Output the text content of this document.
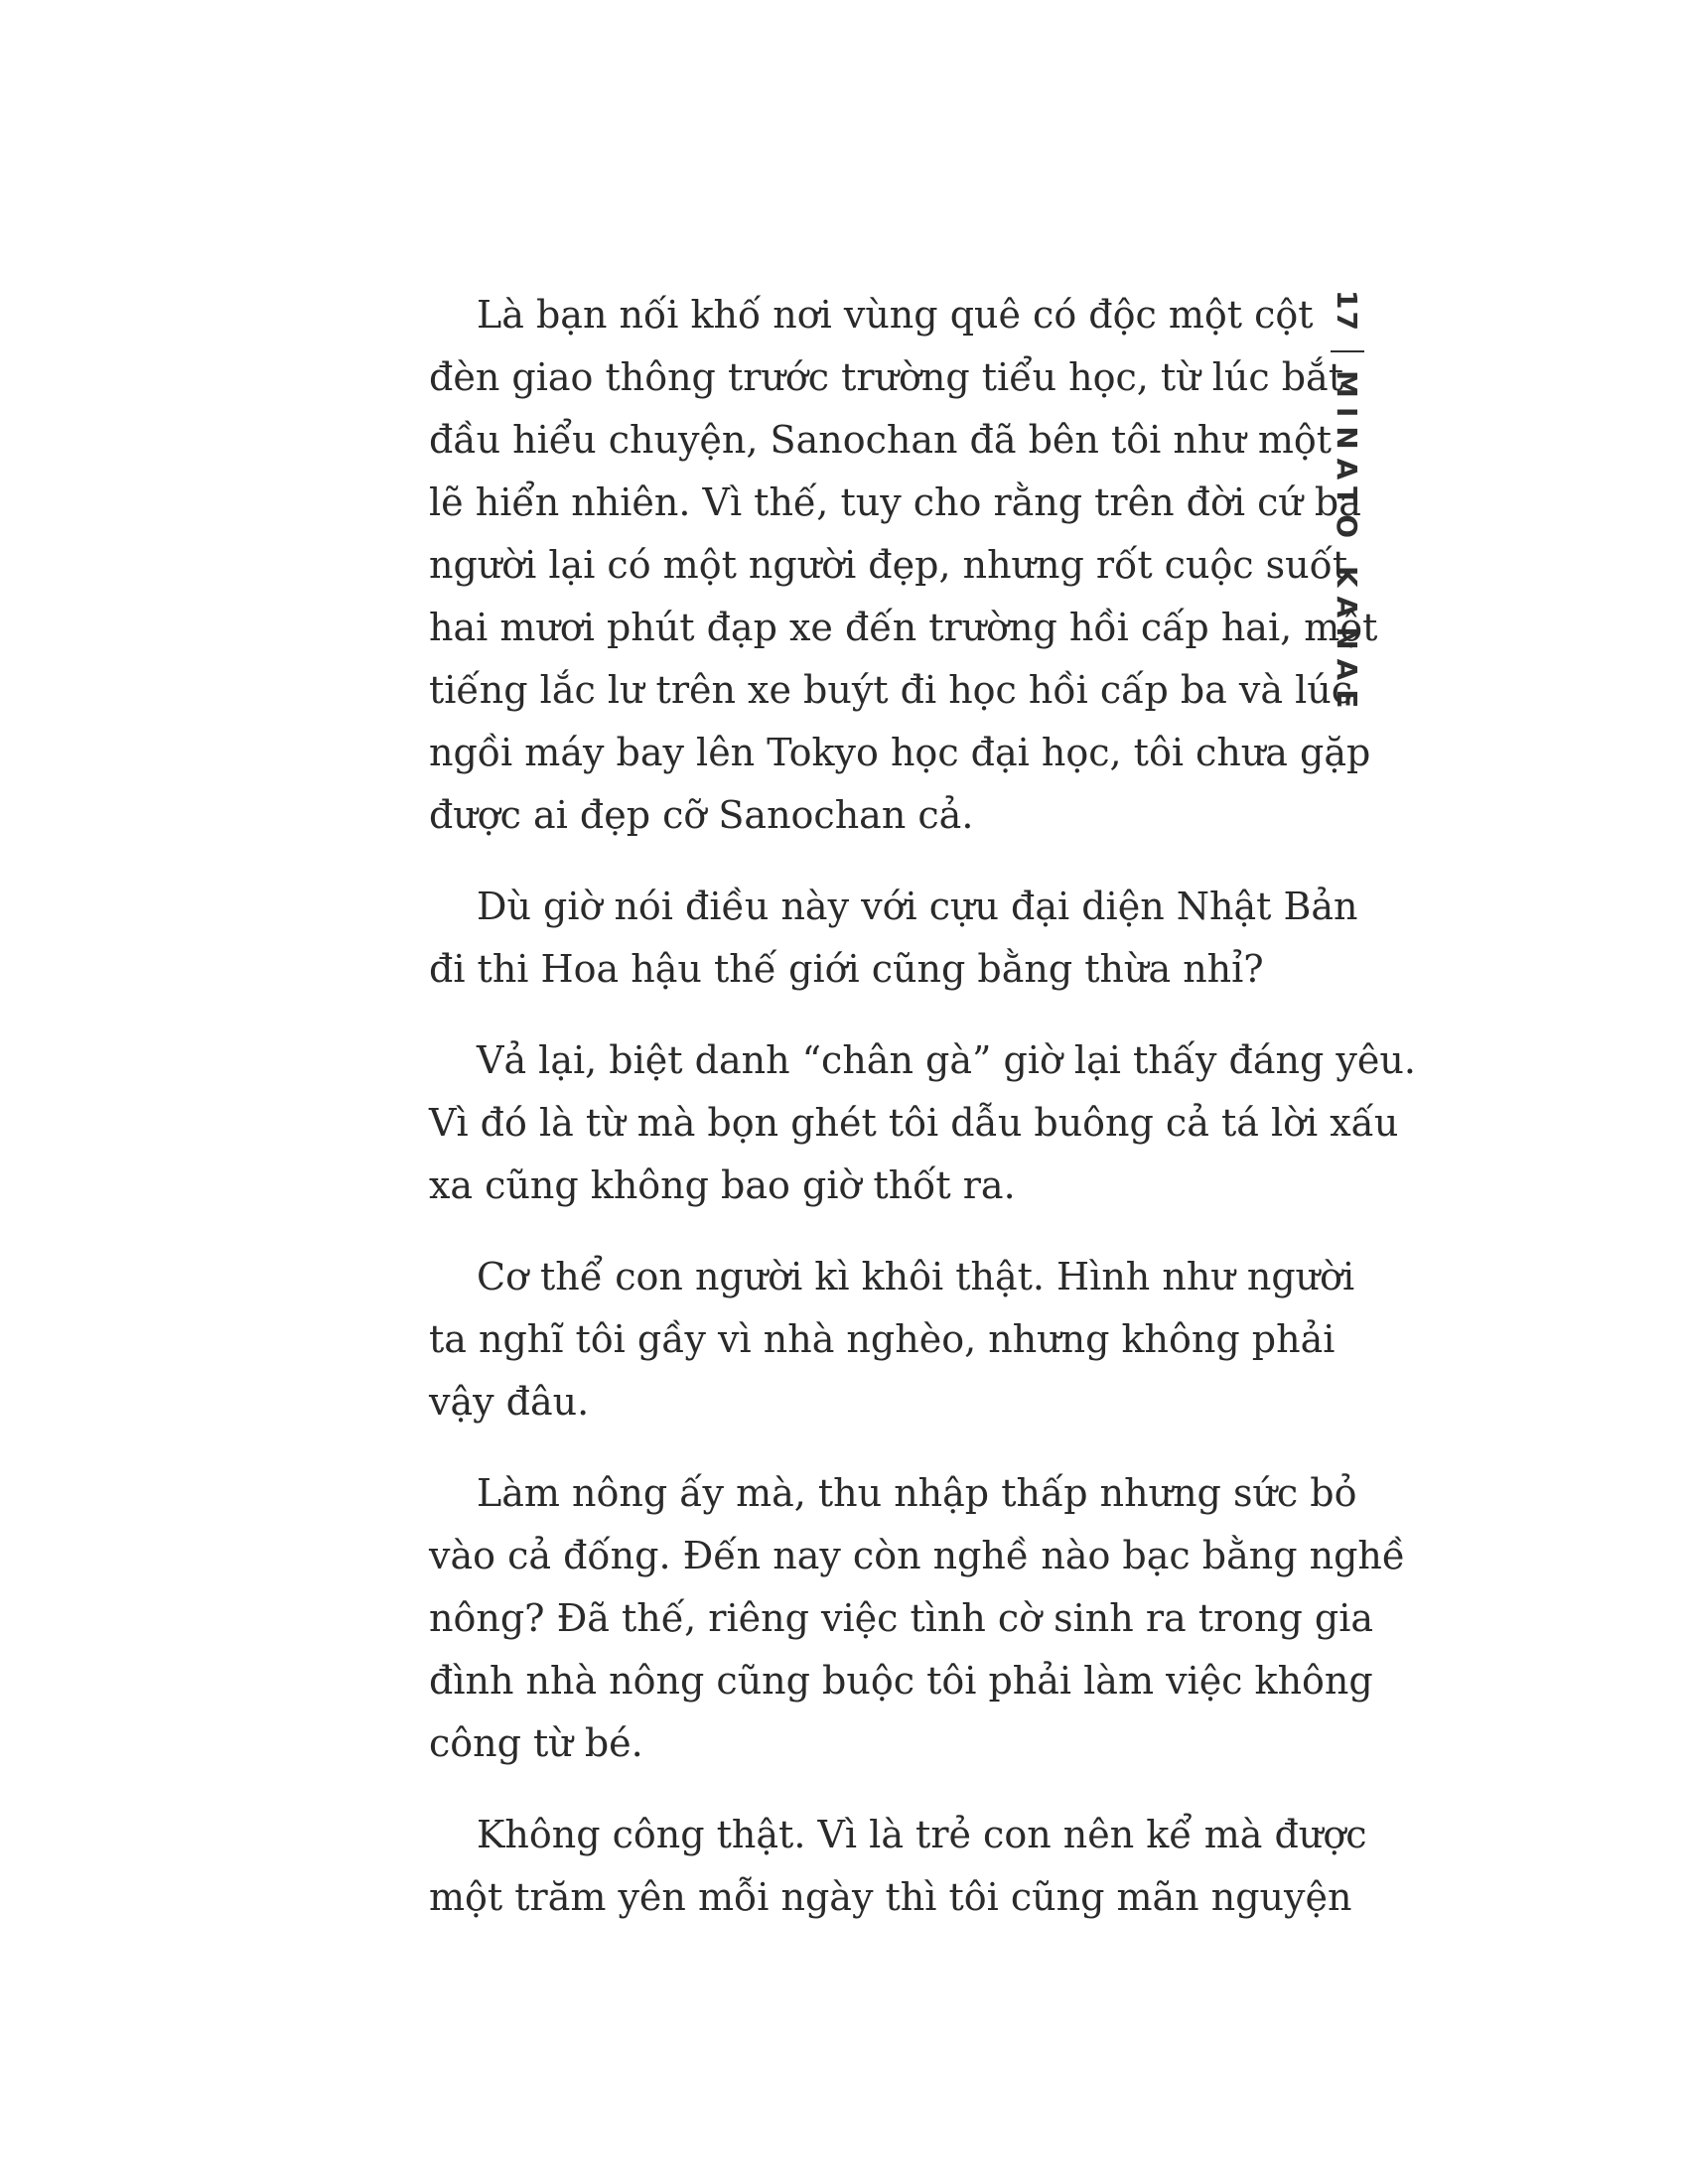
17
MINATO KANAE

Là bạn nối khố nơi vùng quê có độc một cột
đèn giao thông trước trường tiểu học, từ lúc bắt
đầu hiểu chuyện, Sanochan đã bên tôi như một
lẽ hiển nhiên. Vì thế, tuy cho rằng trên đời cứ ba
người lại có một người đẹp, nhưng rốt cuộc suốt
hai mươi phút đạp xe đến trường hồi cấp hai, một
tiếng lắc lư trên xe buýt đi học hồi cấp ba và lúc
ngồi máy bay lên Tokyo học đại học, tôi chưa gặp
được ai đẹp cỡ Sanochan cả.

Dù giờ nói điều này với cựu đại diện Nhật Bản
đi thi Hoa hậu thế giới cũng bằng thừa nhỉ?

Vả lại, biệt danh “chân gà” giờ lại thấy đáng yêu.
Vì đó là từ mà bọn ghét tôi dẫu buông cả tá lời xấu
xa cũng không bao giờ thốt ra.

Cơ thể con người kì khôi thật. Hình như người
ta nghĩ tôi gầy vì nhà nghèo, nhưng không phải
vậy đâu.

Làm nông ấy mà, thu nhập thấp nhưng sức bỏ
vào cả đống. Đến nay còn nghề nào bạc bằng nghề
nông? Đã thế, riêng việc tình cờ sinh ra trong gia
đình nhà nông cũng buộc tôi phải làm việc không
công từ bé.

Không công thật. Vì là trẻ con nên kể mà được
một trăm yên mỗi ngày thì tôi cũng mãn nguyện
